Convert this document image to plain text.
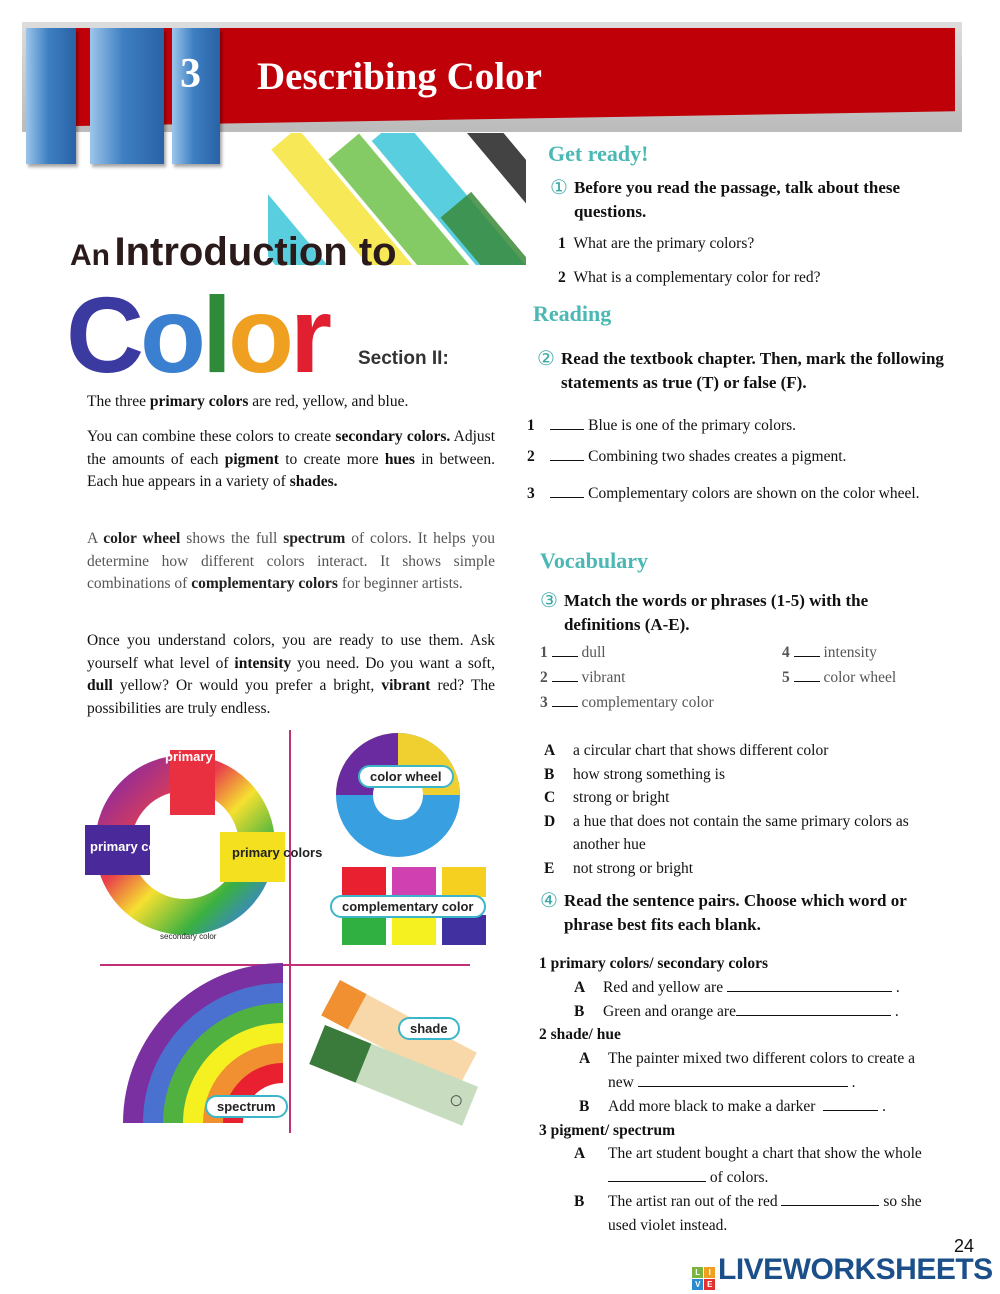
3 Describing Color
An Introduction to
Color Section II:

The three primary colors are red, yellow, and blue.

You can combine these colors to create secondary colors. Adjust the amounts of each pigment to create more hues in between. Each hue appears in a variety of shades.

A color wheel shows the full spectrum of colors. It helps you determine how different colors interact. It shows simple combinations of complementary colors for beginner artists.

Once you understand colors, you are ready to use them. Ask yourself what level of intensity you need. Do you want a soft, dull yellow? Or would you prefer a bright, vibrant red? The possibilities are truly endless.

primary colors
primary colors	primary colors
secondary color
color wheel
complementary color
spectrum
shade
Get ready!
① Before you read the passage, talk about these questions.
1 What are the primary colors?
2 What is a complementary color for red?
Reading
② Read the textbook chapter. Then, mark the following statements as true (T) or false (F).
1	Blue is one of the primary colors.
2	Combining two shades creates a pigment.
3	Complementary colors are shown on the color wheel.
Vocabulary
③ Match the words or phrases (1-5) with the definitions (A-E).
1 dull
2 vibrant
3 complementary color
4 intensity
5 color wheel
A	a circular chart that shows different color
B	how strong something is
C	strong or bright
D	a hue that does not contain the same primary colors as another hue
E	not strong or bright
④ Read the sentence pairs. Choose which word or phrase best fits each blank.
1 primary colors/ secondary colors
A	Red and yellow are	.
B	Green and orange are	.
2 shade/ hue
A	The painter mixed two different colors to create a new	.
B	Add more black to make a darker	.
3 pigment/ spectrum
A	The art student bought a chart that show the whole  of colors.
B	The artist ran out of the red	so she used violet instead.
24
L	I
V E LIVEWORKSHEETS
